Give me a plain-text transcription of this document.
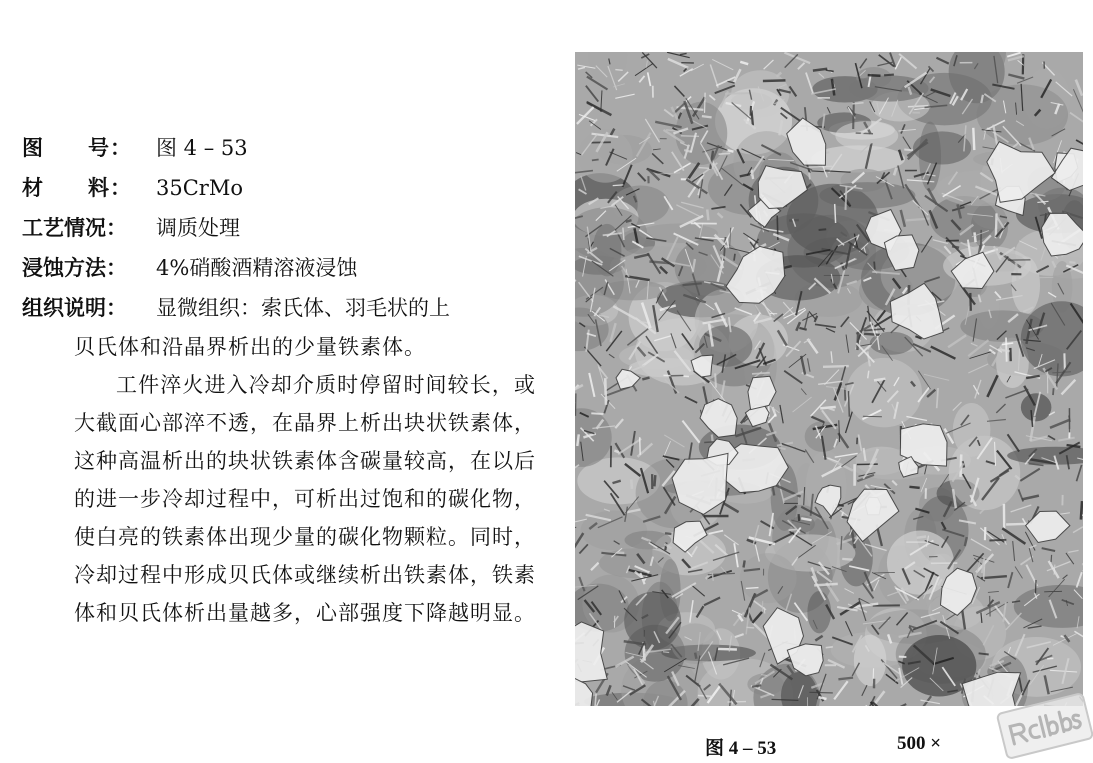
图　　号： 图 4 – 53
材　　料： 35CrMo
工艺情况： 调质处理
浸蚀方法： 4%硝酸酒精溶液浸蚀
组织说明： 显微组织：索氏体、羽毛状的上

贝氏体和沿晶界析出的少量铁素体。

工件淬火进入冷却介质时停留时间较长，或大截面心部淬不透，在晶界上析出块状铁素体，这种高温析出的块状铁素体含碳量较高，在以后的进一步冷却过程中，可析出过饱和的碳化物，使白亮的铁素体出现少量的碳化物颗粒。同时，冷却过程中形成贝氏体或继续析出铁素体，铁素体和贝氏体析出量越多，心部强度下降越明显。

图 4 – 53	500 ×
